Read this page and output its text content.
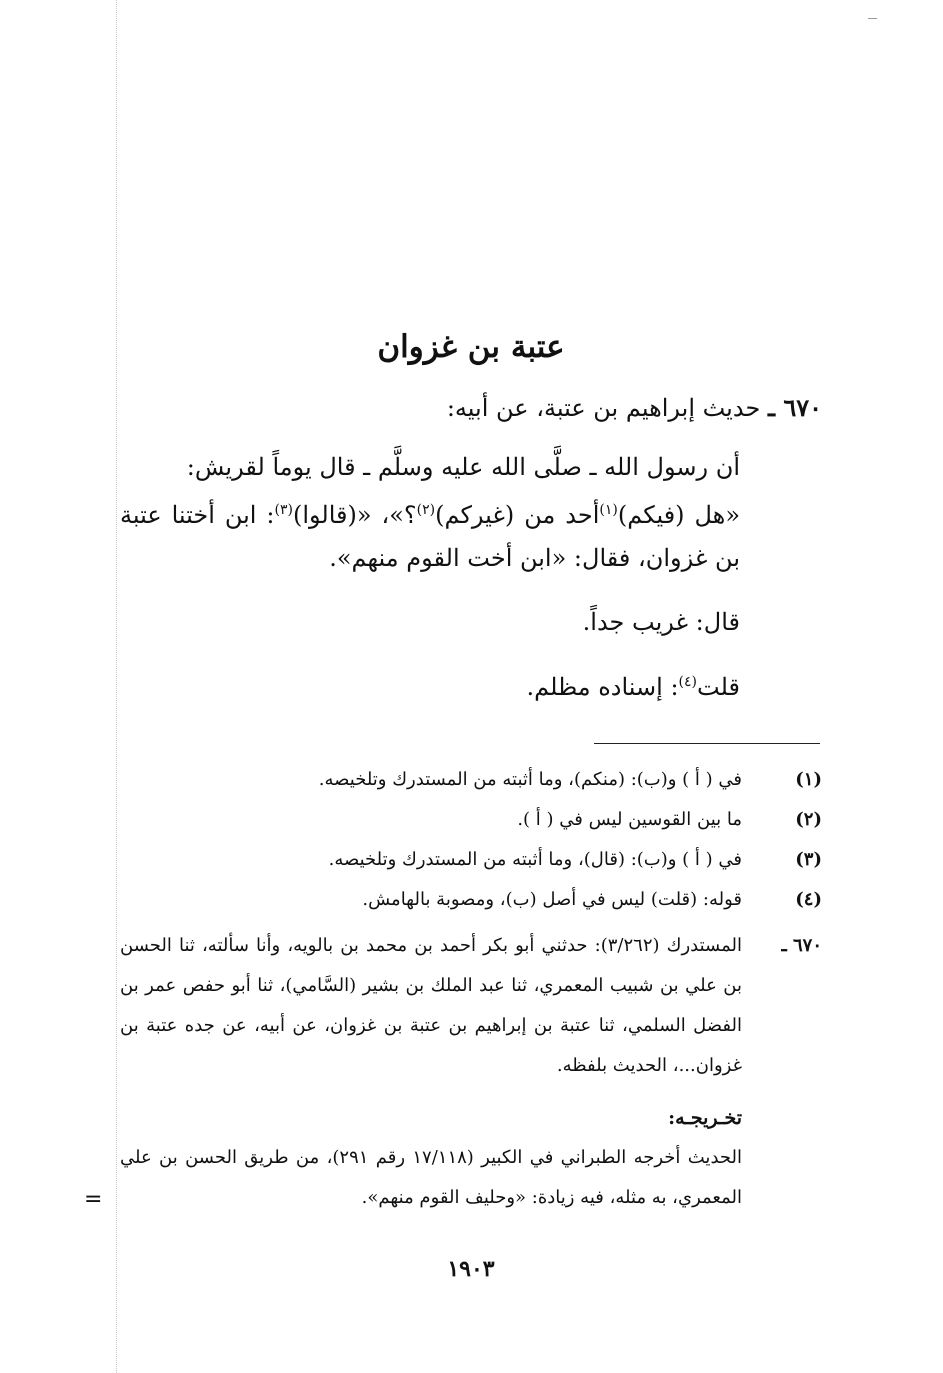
عتبة بن غزوان
٦٧٠ ـ حديث إبراهيم بن عتبة، عن أبيه:

أن رسول الله ـ صلَّى الله عليه وسلَّم ـ قال يوماً لقريش:

«هل (فيكم)$^{(١)}$أحد من (غيركم)$^{(٢)}$؟»، «(قالوا)$^{(٣)}$: ابن أختنا عتبة بن غزوان، فقال: «ابن أخت القوم منهم».

قال: غريب جداً.
قلت$^{(٤)}$: إسناده مظلم.
(١)
في ( أ ) و(ب): (منكم)، وما أثبته من المستدرك وتلخيصه.
(٢)
ما بين القوسين ليس في ( أ ).
(٣)
في ( أ ) و(ب): (قال)، وما أثبته من المستدرك وتلخيصه.
(٤)
قوله: (قلت) ليس في أصل (ب)، ومصوبة بالهامش.
٦٧٠ ـ
المستدرك (٣/٢٦٢): حدثني أبو بكر أحمد بن محمد بن بالويه، وأنا سألته، ثنا الحسن بن علي بن شبيب المعمري، ثنا عبد الملك بن بشير (السَّامي)، ثنا أبو حفص عمر بن الفضل السلمي، ثنا عتبة بن إبراهيم بن عتبة بن غزوان، عن أبيه، عن جده عتبة بن غزوان...، الحديث بلفظه.
تخـريجـه:
الحديث أخرجه الطبراني في الكبير (١٧/١١٨ رقم ٢٩١)، من طريق الحسن بن علي المعمري، به مثله، فيه زيادة: «وحليف القوم منهم».
١٩٠٣
=
